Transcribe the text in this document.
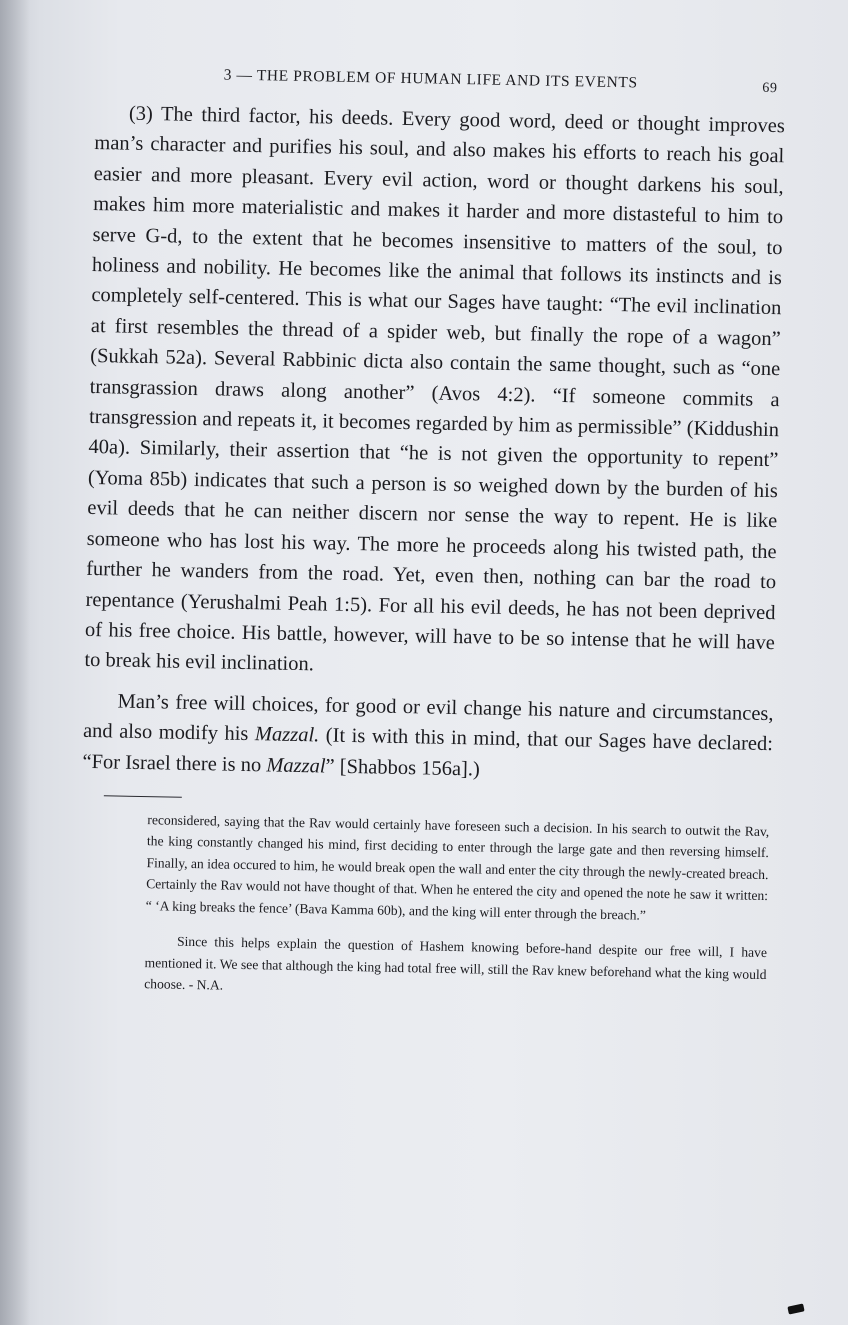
3 — THE PROBLEM OF HUMAN LIFE AND ITS EVENTS	69

(3) The third factor, his deeds. Every good word, deed or thought improves man’s character and purifies his soul, and also makes his efforts to reach his goal easier and more pleasant. Every evil action, word or thought darkens his soul, makes him more materialistic and makes it harder and more distasteful to him to serve G-d, to the extent that he becomes insensitive to matters of the soul, to holiness and nobility. He becomes like the animal that follows its instincts and is completely self-centered. This is what our Sages have taught: “The evil inclination at first resembles the thread of a spider web, but finally the rope of a wagon” (Sukkah 52a). Several Rabbinic dicta also contain the same thought, such as “one transgrassion draws along another” (Avos 4:2). “If someone commits a transgression and repeats it, it becomes regarded by him as permissible” (Kiddushin 40a). Similarly, their assertion that “he is not given the opportunity to repent” (Yoma 85b) indicates that such a person is so weighed down by the burden of his evil deeds that he can neither discern nor sense the way to repent. He is like someone who has lost his way. The more he proceeds along his twisted path, the further he wanders from the road. Yet, even then, nothing can bar the road to repentance (Yerushalmi Peah 1:5). For all his evil deeds, he has not been deprived of his free choice. His battle, however, will have to be so intense that he will have to break his evil inclination.

Man’s free will choices, for good or evil change his nature and circumstances, and also modify his Mazzal. (It is with this in mind, that our Sages have declared: “For Israel there is no Mazzal” [Shabbos 156a].)

reconsidered, saying that the Rav would certainly have foreseen such a decision. In his search to outwit the Rav, the king constantly changed his mind, first deciding to enter through the large gate and then reversing himself. Finally, an idea occured to him, he would break open the wall and enter the city through the newly-created breach. Certainly the Rav would not have thought of that. When he entered the city and opened the note he saw it written: “ ‘A king breaks the fence’ (Bava Kamma 60b), and the king will enter through the breach.”

Since this helps explain the question of Hashem knowing before-hand despite our free will, I have mentioned it. We see that although the king had total free will, still the Rav knew beforehand what the king would choose. - N.A.
